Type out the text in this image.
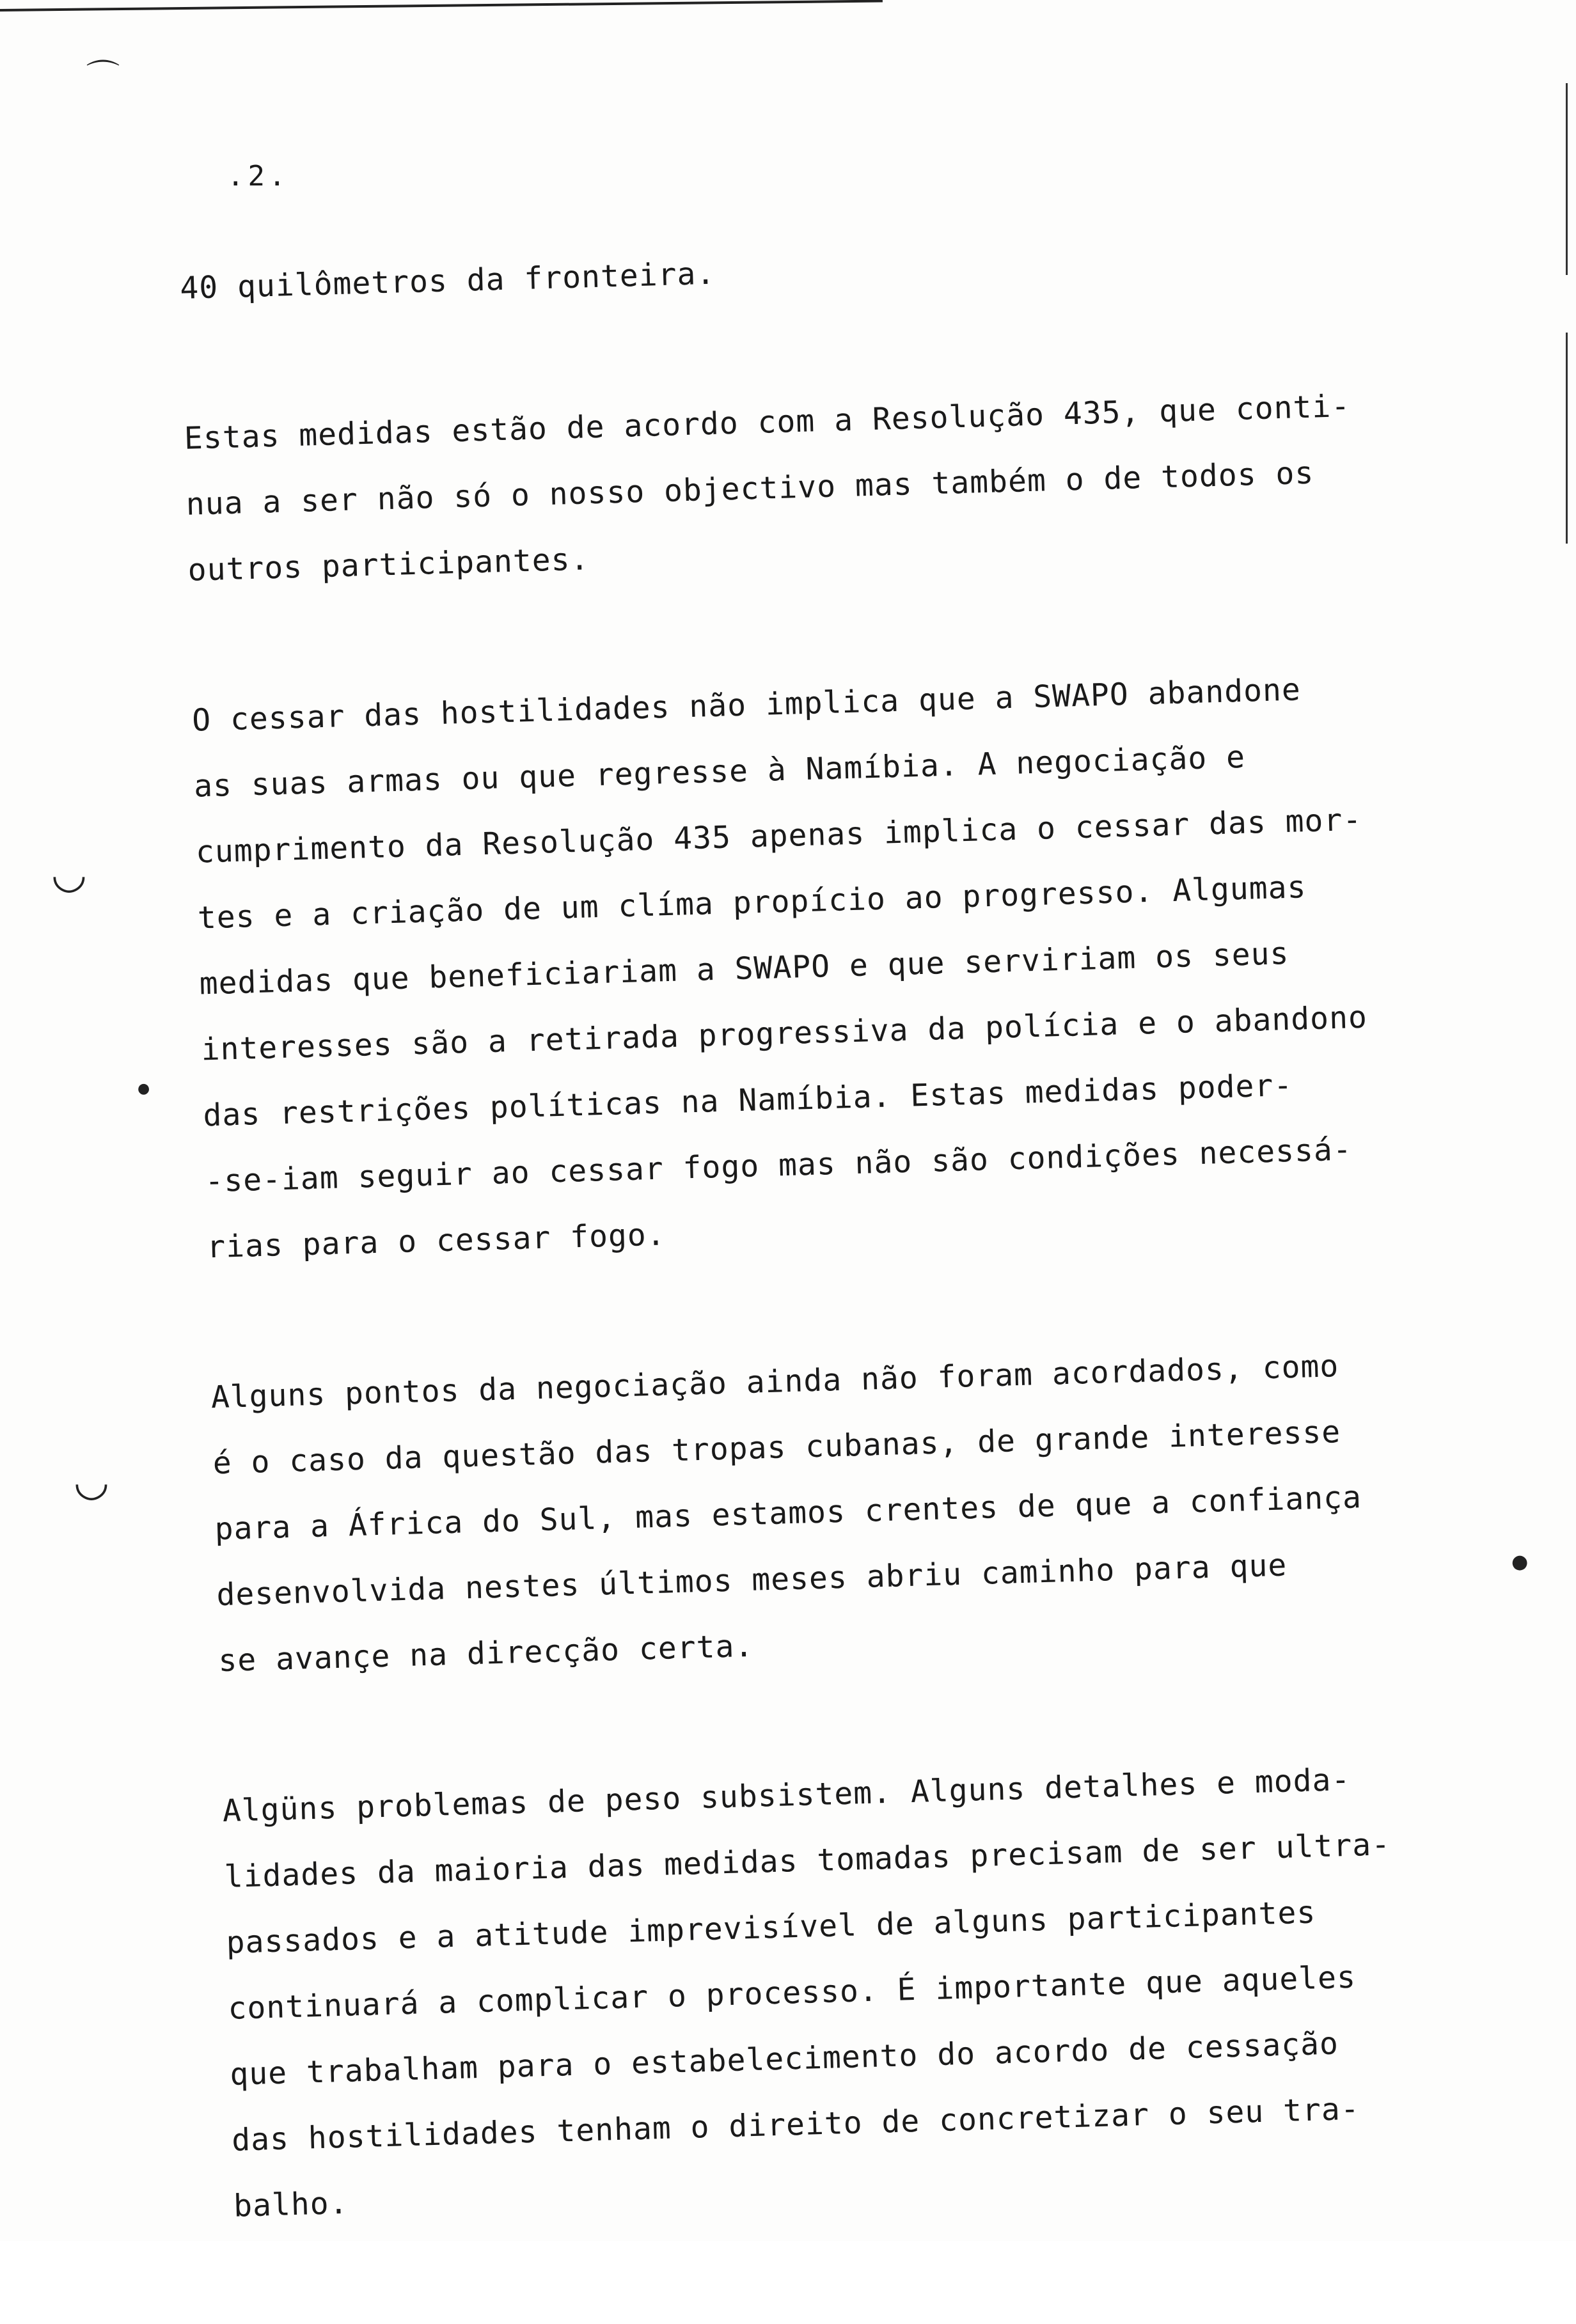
⌒
◡
◡
●
●
.2.
40 quilômetros da fronteira.
Estas medidas estão de acordo com a Resolução 435, que conti-
nua a ser não só o nosso objectivo mas também o de todos os
outros participantes.
O cessar das hostilidades não implica que a SWAPO abandone
as suas armas ou que regresse à Namíbia. A negociação e
cumprimento da Resolução 435 apenas implica o cessar das mor-
tes e a criação de um clíma propício ao progresso. Algumas
medidas que beneficiariam a SWAPO e que serviriam os seus
interesses são a retirada progressiva da polícia e o abandono
das restrições políticas na Namíbia. Estas medidas poder-
-se-iam seguir ao cessar fogo mas não são condições necessá-
rias para o cessar fogo.
Alguns pontos da negociação ainda não foram acordados, como
é o caso da questão das tropas cubanas, de grande interesse
para a África do Sul, mas estamos crentes de que a confiança
desenvolvida nestes últimos meses abriu caminho para que
se avançe na direcção certa.
Algüns problemas de peso subsistem. Alguns detalhes e moda-
lidades da maioria das medidas tomadas precisam de ser ultra-
passados e a atitude imprevisível de alguns participantes
continuará a complicar o processo. É importante que aqueles
que trabalham para o estabelecimento do acordo de cessação
das hostilidades tenham o direito de concretizar o seu tra-
balho.
